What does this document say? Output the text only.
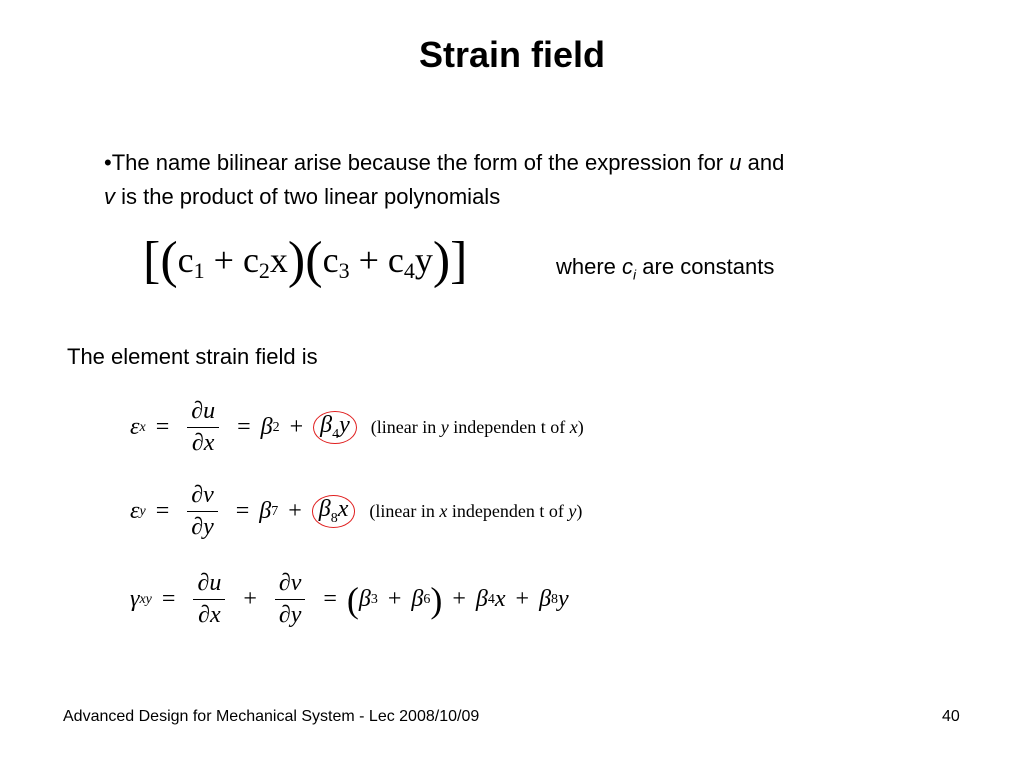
Strain field
•The name bilinear arise because the form of the expression for u and
v is the product of two linear polynomials
$[(c_1 + c_2x)(c_3 + c_4y)]$	where $c_i$ are constants
The element strain field is
ε $x = \frac{\partial u}{\partial x} = \beta$ $2 + \beta_4y$	(linear in y independen t of x)
ε $y = \frac{\partial v}{\partial y} = \beta$ $7 + \beta_8x$	(linear in x independen t of y)
γ xy = $\frac{\partial u}{\partial x} + \frac{\partial v}{\partial y}$ = ( β 3 + β 6 ) + β 4 x + β 8 y
Advanced Design for Mechanical System - Lec 2008/10/09	40
